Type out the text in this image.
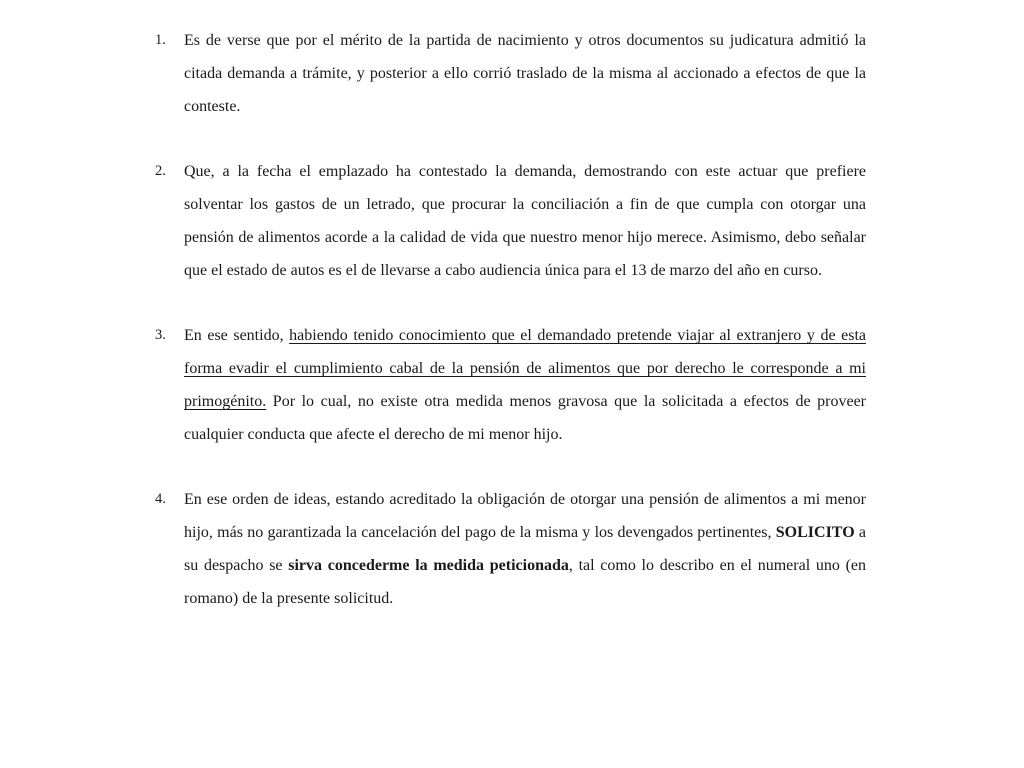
1. Es de verse que por el mérito de la partida de nacimiento y otros documentos su judicatura admitió la citada demanda a trámite, y posterior a ello corrió traslado de la misma al accionado a efectos de que la conteste.

2. Que, a la fecha el emplazado ha contestado la demanda, demostrando con este actuar que prefiere solventar los gastos de un letrado, que procurar la conciliación a fin de que cumpla con otorgar una pensión de alimentos acorde a la calidad de vida que nuestro menor hijo merece. Asimismo, debo señalar que el estado de autos es el de llevarse a cabo audiencia única para el 13 de marzo del año en curso.

3. En ese sentido, habiendo tenido conocimiento que el demandado pretende viajar al extranjero y de esta forma evadir el cumplimiento cabal de la pensión de alimentos que por derecho le corresponde a mi primogénito. Por lo cual, no existe otra medida menos gravosa que la solicitada a efectos de proveer cualquier conducta que afecte el derecho de mi menor hijo.

4. En ese orden de ideas, estando acreditado la obligación de otorgar una pensión de alimentos a mi menor hijo, más no garantizada la cancelación del pago de la misma y los devengados pertinentes, SOLICITO a su despacho se sirva concederme la medida peticionada, tal como lo describo en el numeral uno (en romano) de la presente solicitud.
